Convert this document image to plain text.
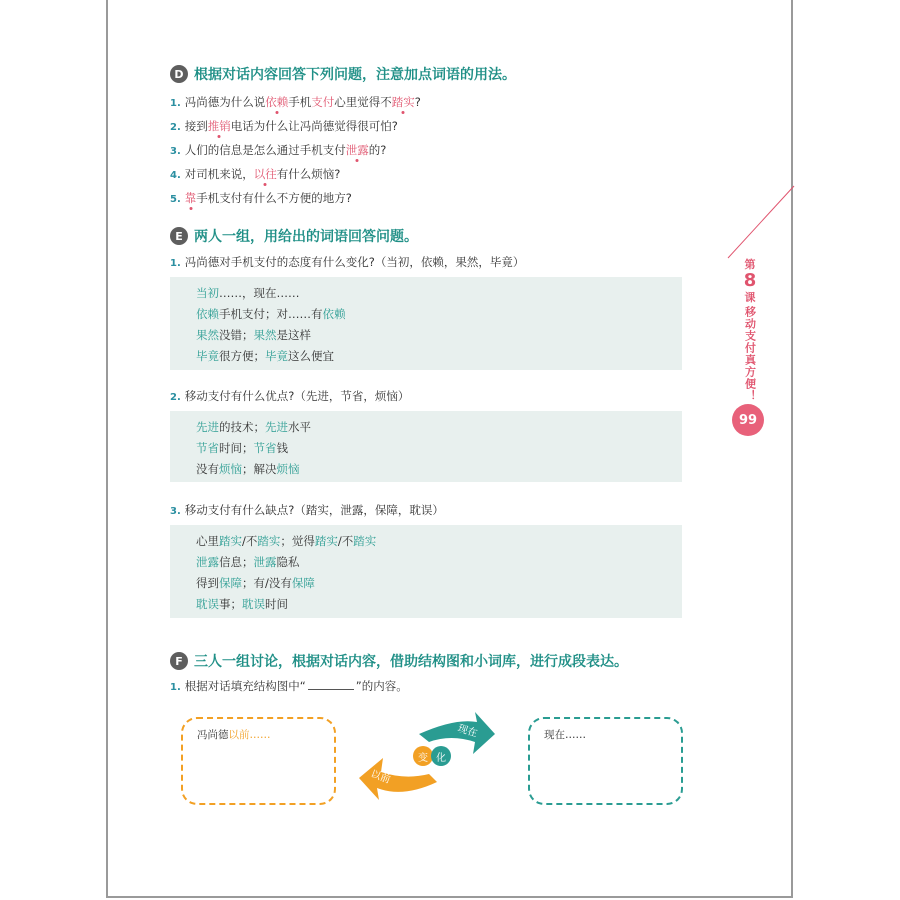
D 根据对话内容回答下列问题，注意加点词语的用法。
1. 冯尚德为什么说依赖手机支付心里觉得不踏实?
2. 接到推销电话为什么让冯尚德觉得很可怕?
3. 人们的信息是怎么通过手机支付泄露的?
4. 对司机来说，以往有什么烦恼?
5. 靠手机支付有什么不方便的地方?
E 两人一组，用给出的词语回答问题。
1. 冯尚德对手机支付的态度有什么变化?（当初，依赖，果然，毕竟）
当初……，现在……
依赖手机支付；对……有依赖
果然没错；果然是这样
毕竟很方便；毕竟这么便宜
2. 移动支付有什么优点?（先进，节省，烦恼）
先进的技术；先进水平
节省时间；节省钱
没有烦恼；解决烦恼
3. 移动支付有什么缺点?（踏实，泄露，保障，耽误）
心里踏实/不踏实；觉得踏实/不踏实
泄露信息；泄露隐私
得到保障；有/没有保障
耽误事；耽误时间
F 三人一组讨论，根据对话内容，借助结构图和小词库，进行成段表达。
1. 根据对话填充结构图中“	”的内容。
冯尚德以前……	现在……
现在
以前
变 化
第
8
课
移动支付真方便！
99
